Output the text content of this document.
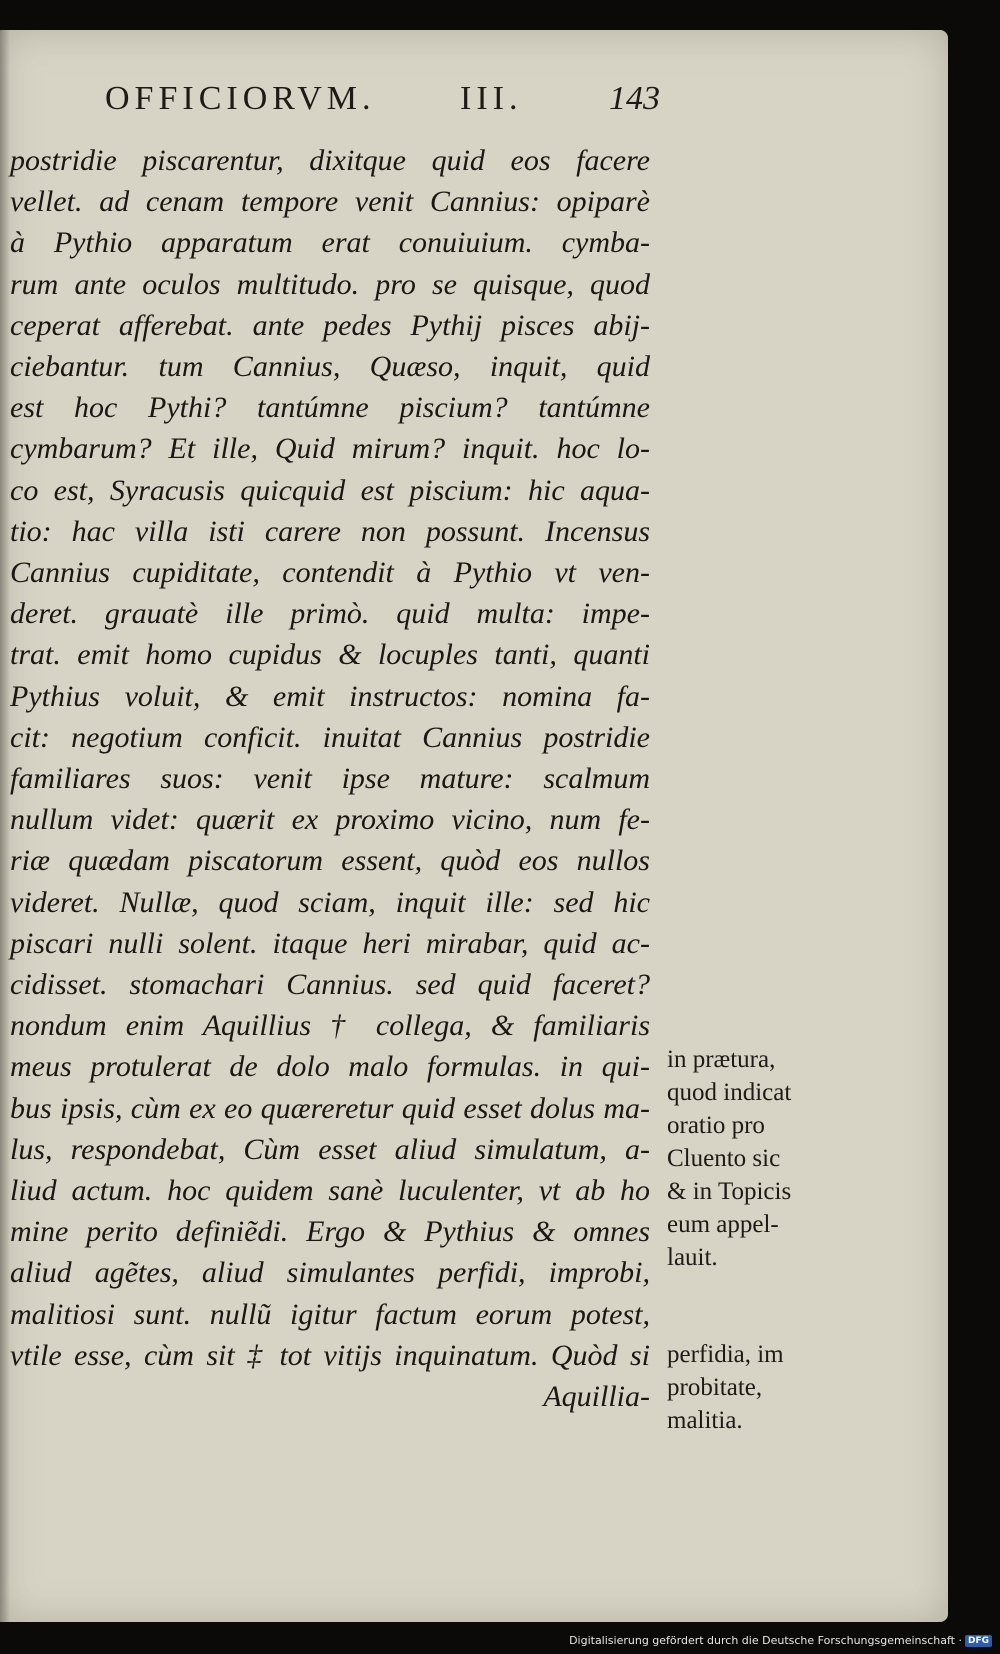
OFFICIORVM. III.	143
postridie piscarentur, dixitque quid eos facere
vellet. ad cenam tempore venit Cannius: opiparè
à Pythio apparatum erat conuiuium. cymba-
rum ante oculos multitudo. pro se quisque, quod
ceperat afferebat. ante pedes Pythij pisces abij-
ciebantur. tum Cannius, Quæso, inquit, quid
est hoc Pythi? tantúmne piscium? tantúmne
cymbarum? Et ille, Quid mirum? inquit. hoc lo-
co est, Syracusis quicquid est piscium: hic aqua-
tio: hac villa isti carere non possunt. Incensus
Cannius cupiditate, contendit à Pythio vt ven-
deret. grauatè ille primò. quid multa: impe-
trat. emit homo cupidus & locuples tanti, quanti
Pythius voluit, & emit instructos: nomina fa-
cit: negotium conficit. inuitat Cannius postridie
familiares suos: venit ipse mature: scalmum
nullum videt: quærit ex proximo vicino, num fe-
riæ quædam piscatorum essent, quòd eos nullos
videret. Nullæ, quod sciam, inquit ille: sed hic
piscari nulli solent. itaque heri mirabar, quid ac-
cidisset. stomachari Cannius. sed quid faceret?
nondum enim Aquillius † collega, & familiaris
meus protulerat de dolo malo formulas. in qui-
bus ipsis, cùm ex eo quæreretur quid esset dolus ma-
lus, respondebat, Cùm esset aliud simulatum, a-
liud actum. hoc quidem sanè luculenter, vt ab ho
mine perito definiẽdi. Ergo & Pythius & omnes
aliud agẽtes, aliud simulantes perfidi, improbi,
malitiosi sunt. nullũ igitur factum eorum potest,
vtile esse, cùm sit ‡ tot vitijs inquinatum. Quòd si
Aquillia-
in prætura,
quod indicat
oratio pro
Cluento sic
& in Topicis
eum appel-
lauit.
perfidia, im
probitate,
malitia.
Digitalisierung gefördert durch die Deutsche Forschungsgemeinschaft · DFG
